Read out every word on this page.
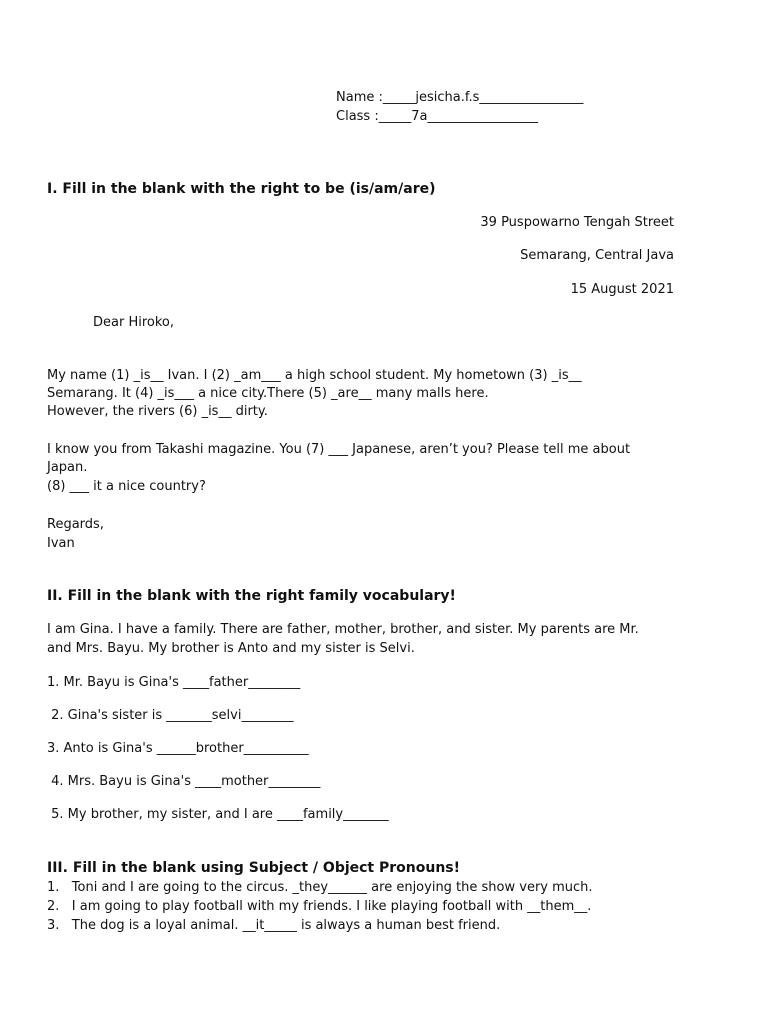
Name :_____jesicha.f.s________________
Class :_____7a_________________
I. Fill in the blank with the right to be (is/am/are)
39 Puspowarno Tengah Street
Semarang, Central Java
15 August 2021
Dear Hiroko,
My name (1) _is__ Ivan. I (2) _am___ a high school student. My hometown (3) _is__
Semarang. It (4) _is___ a nice city.There (5) _are__ many malls here.
However, the rivers (6) _is__ dirty.
I know you from Takashi magazine. You (7) ___ Japanese, aren’t you? Please tell me about
Japan.
(8) ___ it a nice country?
Regards,
Ivan
II. Fill in the blank with the right family vocabulary!
I am Gina. I have a family. There are father, mother, brother, and sister. My parents are Mr.
and Mrs. Bayu. My brother is Anto and my sister is Selvi.
1. Mr. Bayu is Gina's ____father________
2. Gina's sister is _______selvi________
3. Anto is Gina's ______brother__________
4. Mrs. Bayu is Gina's ____mother________
5. My brother, my sister, and I are ____family_______
III. Fill in the blank using Subject / Object Pronouns!
1.   Toni and I are going to the circus. _they______ are enjoying the show very much.
2.   I am going to play football with my friends. I like playing football with __them__.
3.   The dog is a loyal animal. __it_____ is always a human best friend.
